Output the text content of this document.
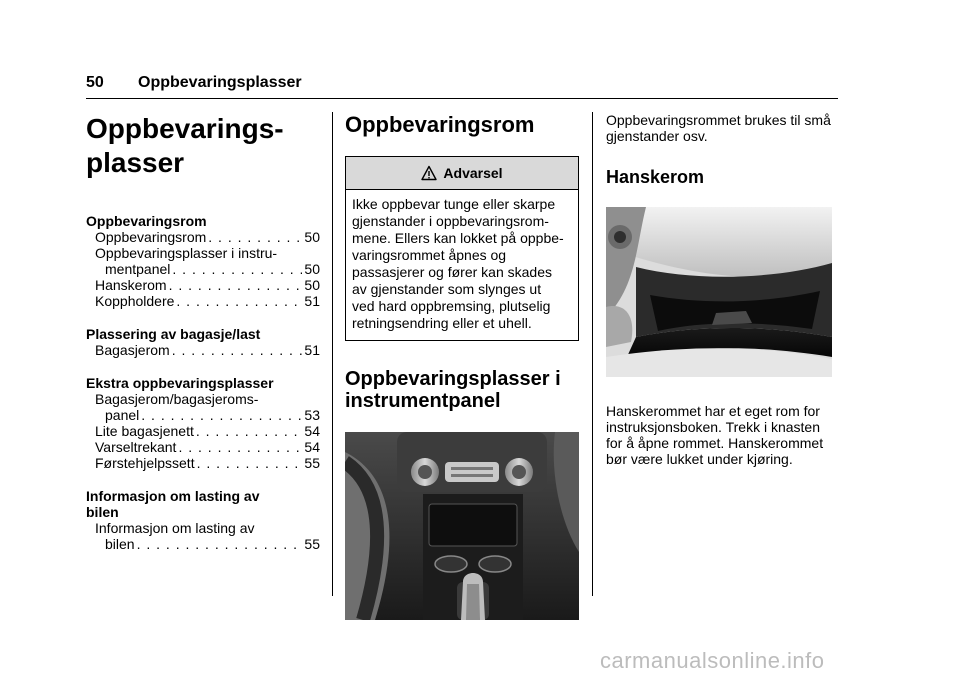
50 Oppbevaringsplasser
Oppbevarings-
plasser
Oppbevaringsrom
Oppbevaringsrom . . .	50
Oppbevaringsplasser i instru-
mentpanel . . .	50
Hanskerom . . .	50
Koppholdere . . .	51
Plassering av bagasje/last
Bagasjerom . . .	51
Ekstra oppbevaringsplasser
Bagasjerom/bagasjeroms-
panel . . .	53
Lite bagasjenett . . .	54
Varseltrekant . . .	54
Førstehjelpssett . . .	55
Informasjon om lasting av
bilen
Informasjon om lasting av
bilen . . .	55
Oppbevaringsrom
Advarsel
Ikke oppbevar tunge eller skarpe
gjenstander i oppbevaringsrom-
mene. Ellers kan lokket på oppbe-
varingsrommet åpnes og
passasjerer og fører kan skades
av gjenstander som slynges ut
ved hard oppbremsing, plutselig
retningsendring eller et uhell.
Oppbevaringsplasser i
instrumentpanel

Oppbevaringsrommet brukes til små
gjenstander osv.

Hanskerom

Hanskerommet har et eget rom for
instruksjonsboken. Trekk i knasten
for å åpne rommet. Hanskerommet
bør være lukket under kjøring.

carmanualsonline.info
